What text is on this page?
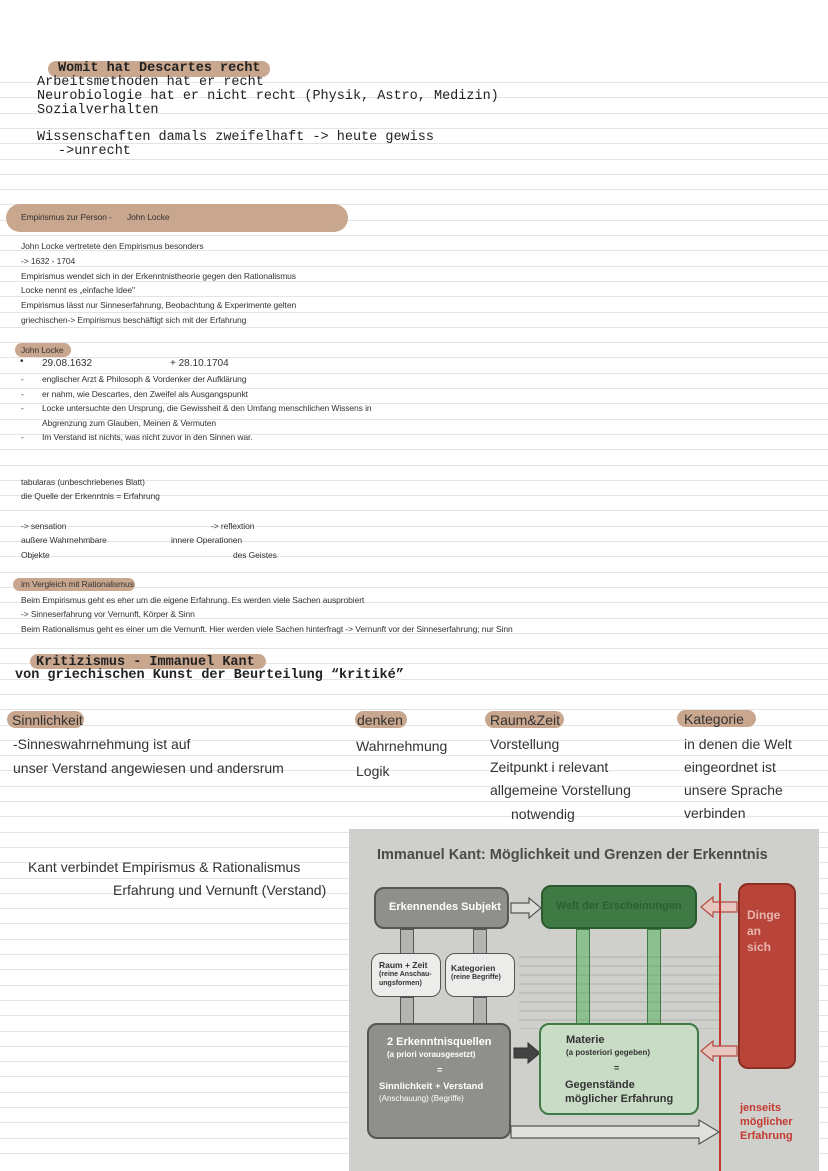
Womit hat Descartes recht
Arbeitsmethoden hat er recht
Neurobiologie hat er nicht recht (Physik, Astro, Medizin)
Sozialverhalten
Wissenschaften damals zweifelhaft -> heute gewiss
->unrecht
Empirismus zur Person - John Locke
John Locke vertretete den Empirismus besonders
-> 1632 - 1704
Empirismus wendet sich in der Erkenntnistheorie gegen den Rationalismus
Locke nennt es „einfache Idee"
Empirismus lässt nur Sinneserfahrung, Beobachtung & Experimente gelten
griechischen-> Empirismus beschäftigt sich mit der Erfahrung
John Locke
• 29.08.1632	+ 28.10.1704
- englischer Arzt & Philosoph & Vordenker der Aufklärung
- er nahm, wie Descartes, den Zweifel als Ausgangspunkt
- Locke untersuchte den Ursprung, die Gewissheit & den Umfang menschlichen Wissens in
Abgrenzung zum Glauben, Meinen & Vermuten
- Im Verstand ist nichts, was nicht zuvor in den Sinnen war.
tabularas (unbeschriebenes Blatt)
die Quelle der Erkenntnis = Erfahrung
-> sensation	-> reflextion
außere Wahrnehmbare	innere Operationen
Objekte	des Geistes
im Vergleich mit Rationalismus
Beim Empirismus geht es eher um die eigene Erfahrung. Es werden viele Sachen ausprobiert
-> Sinneserfahrung vor Vernunft, Körper & Sinn
Beim Rationalismus geht es einer um die Vernunft. Hier werden viele Sachen hinterfragt -> Vernunft vor der Sinneserfahrung; nur Sinn
Kritizismus - Immanuel Kant
von griechischen Kunst der Beurteilung “kritiké”
Sinnlichkeit
-Sinneswahrnehmung ist auf
unser Verstand angewiesen und andersrum
denken
Wahrnehmung
Logik
Raum&Zeit
Vorstellung
Zeitpunkt i relevant
allgemeine Vorstellung
notwendig
Kategorie
in denen die Welt
eingeordnet ist
unsere Sprache
verbinden
Kant verbindet Empirismus & Rationalismus
Erfahrung und Vernunft (Verstand)
Immanuel Kant: Möglichkeit und Grenzen der Erkenntnis
Erkennendes Subjekt	Welt der Erscheinungen
Dinge
an
sich
Raum + Zeit
(reine Anschau-
ungsformen)
Kategorien
(reine Begriffe)
2 Erkenntnisquellen
(a priori vorausgesetzt)
=
Sinnlichkeit + Verstand
(Anschauung) (Begriffe)
Materie
(a posteriori gegeben)
=
Gegenstände
möglicher Erfahrung
jenseits
möglicher
Erfahrung
